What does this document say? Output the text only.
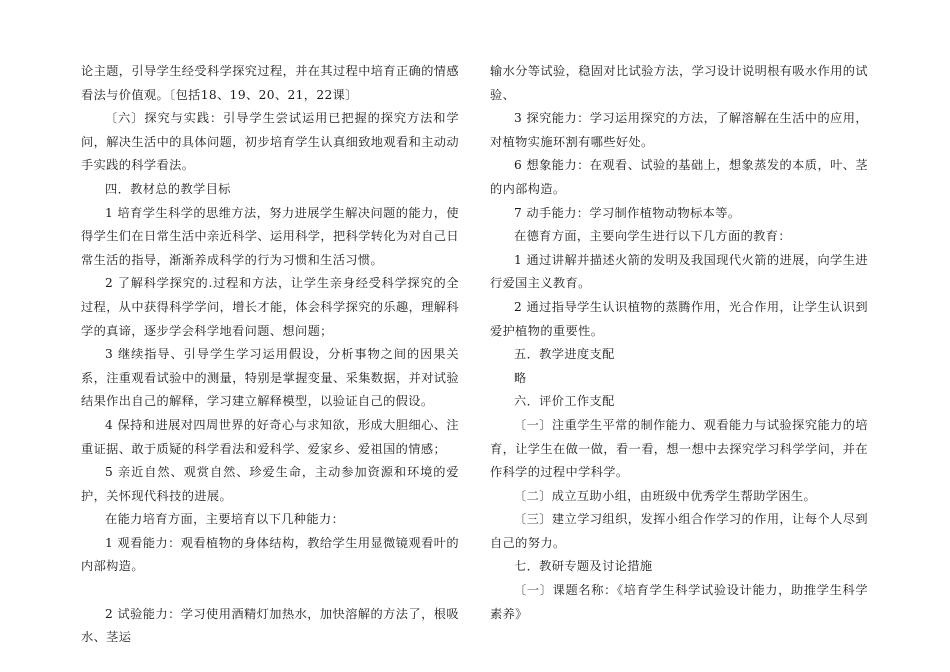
论主题，引导学生经受科学探究过程，并在其过程中培育正确的情感看法与价值观。〔包括18、19、20、21，22课〕

〔六〕探究与实践：引导学生尝试运用已把握的探究方法和学问，解决生活中的具体问题，初步培育学生认真细致地观看和主动动手实践的科学看法。

四．教材总的教学目标

1 培育学生科学的思维方法，努力进展学生解决问题的能力，使得学生们在日常生活中亲近科学、运用科学，把科学转化为对自己日常生活的指导，渐渐养成科学的行为习惯和生活习惯。

2 了解科学探究的.过程和方法，让学生亲身经受科学探究的全过程，从中获得科学学问，增长才能，体会科学探究的乐趣，理解科学的真谛，逐步学会科学地看问题、想问题；

3 继续指导、引导学生学习运用假设，分析事物之间的因果关系，注重观看试验中的测量，特别是掌握变量、采集数据，并对试验结果作出自己的解释，学习建立解释模型，以验证自己的假设。

4 保持和进展对四周世界的好奇心与求知欲，形成大胆细心、注重证据、敢于质疑的科学看法和爱科学、爱家乡、爱祖国的情感；

5 亲近自然、观赏自然、珍爱生命，主动参加资源和环境的爱护，关怀现代科技的进展。

在能力培育方面，主要培育以下几种能力：

1 观看能力：观看植物的身体结构，教给学生用显微镜观看叶的内部构造。

2 试验能力：学习使用酒精灯加热水，加快溶解的方法了，根吸水、茎运

输水分等试验，稳固对比试验方法，学习设计说明根有吸水作用的试验、

3 探究能力：学习运用探究的方法，了解溶解在生活中的应用，对植物实施环割有哪些好处。

6 想象能力：在观看、试验的基础上，想象蒸发的本质，叶、茎的内部构造。

7 动手能力：学习制作植物动物标本等。

在德育方面，主要向学生进行以下几方面的教育：

1 通过讲解并描述火箭的发明及我国现代火箭的进展，向学生进行爱国主义教育。

2 通过指导学生认识植物的蒸腾作用，光合作用，让学生认识到爱护植物的重要性。

五．教学进度支配

略

六．评价工作支配

〔一〕注重学生平常的制作能力、观看能力与试验探究能力的培育，让学生在做一做，看一看，想一想中去探究学习科学学问，并在作科学的过程中学科学。

〔二〕成立互助小组，由班级中优秀学生帮助学困生。

〔三〕建立学习组织，发挥小组合作学习的作用，让每个人尽到自己的努力。

七．教研专题及讨论措施

〔一〕课题名称：《培育学生科学试验设计能力，助推学生科学素养》
